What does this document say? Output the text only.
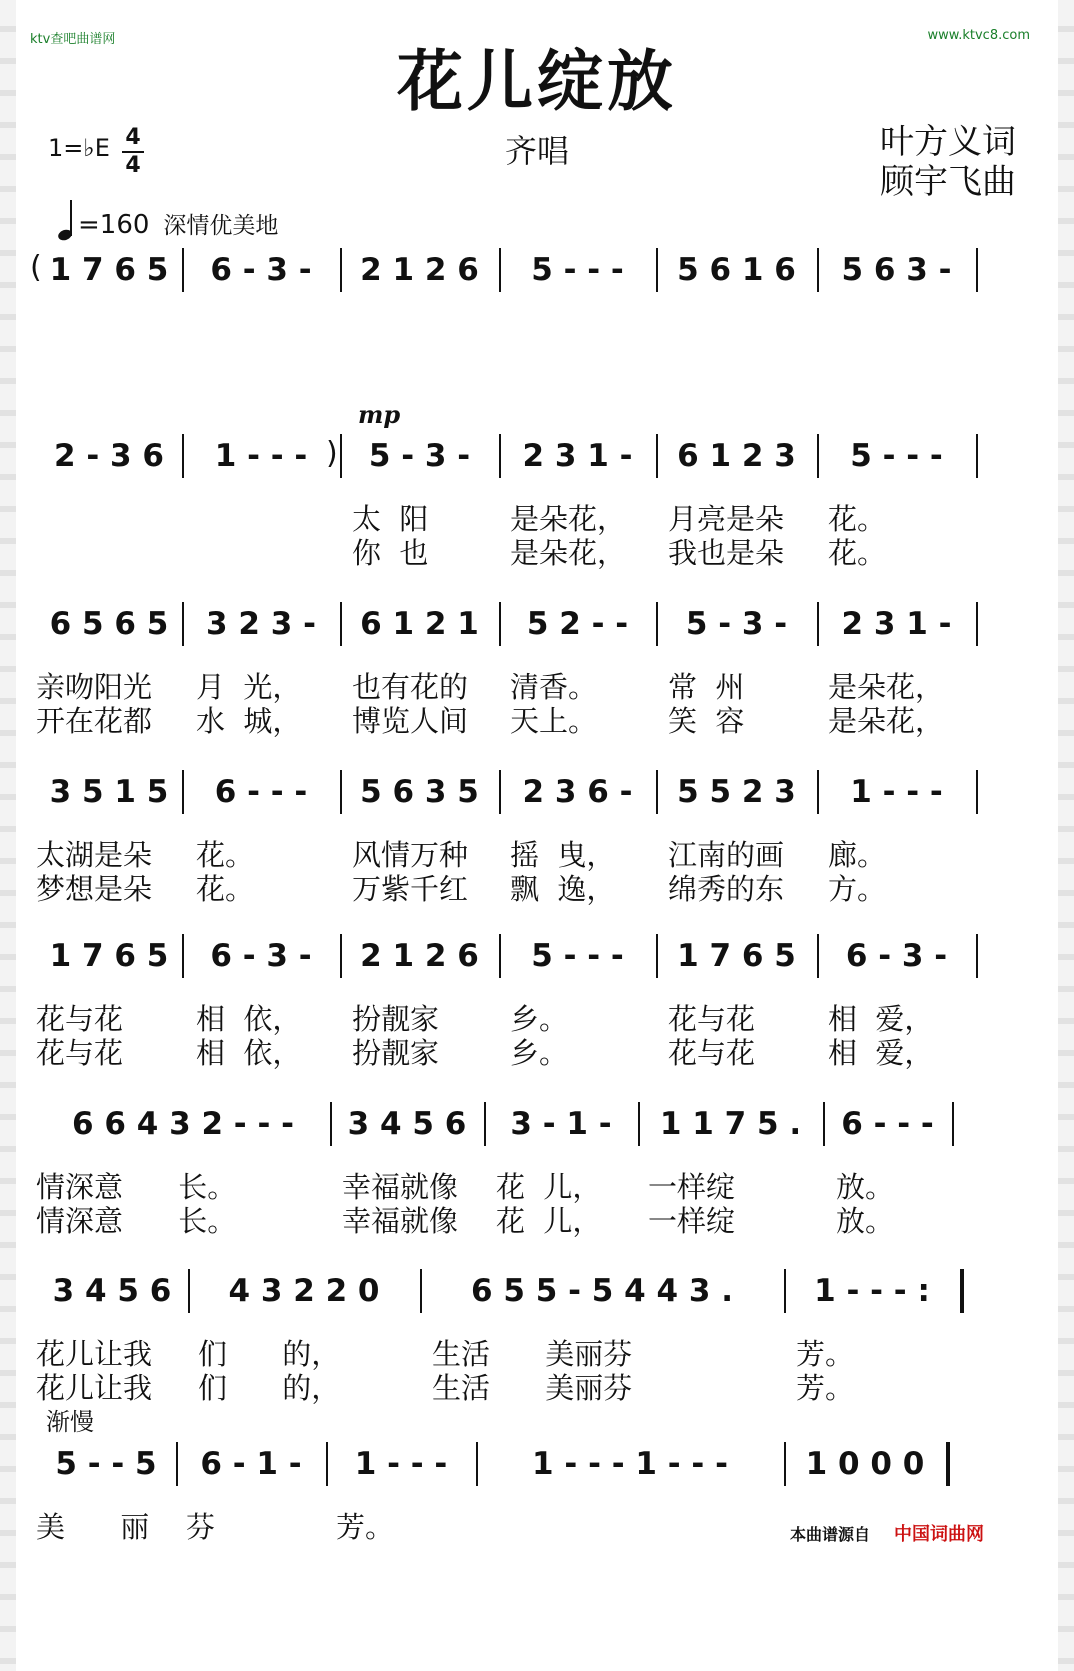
ktv查吧曲谱网	www.ktvc8.com
花儿绽放
1=♭E 4
4	齐唱	叶方义词
顾宇飞曲
=160 深情优美地
mp
渐慢
1 7 6 5	6 - 3 -	2 1 2 6	5 - - -	5 6 1 6	5 6 3 -
(
2 - 3 6	1 - - -	5 - 3 -	2 3 1 -	6 1 2 3	5 - - -
)
太  阳	是朵花， 月亮是朵 花。
你  也	是朵花， 我也是朵 花。
6 5 6 5	3 2 3 -	6 1 2 1	5 2 - -	5 - 3 -	2 3 1 -
亲吻阳光 月  光， 也有花的 清香。 常  州	是朵花，
开在花都 水  城， 博览人间 天上。 笑  容	是朵花，
3 5 1 5	6 - - -	5 6 3 5	2 3 6 -	5 5 2 3	1 - - -
太湖是朵 花。	风情万种 摇  曳， 江南的画 廊。
梦想是朵 花。	万紫千红 飘  逸， 绵秀的东 方。
1 7 6 5	6 - 3 -	2 1 2 6	5 - - -	1 7 6 5	6 - 3 -
花与花	相  依， 扮靓家 乡。	花与花	相  爱，
花与花	相  依， 扮靓家 乡。	花与花	相  爱，
6 6 4 3 2 - - -	3 4 5 6	3 - 1 -	1 1 7 5 .	6 - - -
情深意      长。	幸福就像 花  儿， 一样绽	放。
情深意      长。	幸福就像 花  儿， 一样绽	放。
3 4 5 6	4 3 2 2 0	6 5 5 - 5 4 4 3 .	1 - - - :
花儿让我 们      的，	生活      美丽芬	芳。
花儿让我 们      的，	生活      美丽芬	芳。
5 - - 5	6 - 1 -	1 - - -	1 - - - 1 - - -	1 0 0 0
美      丽 芬	芳。	本曲谱源自 中国词曲网
